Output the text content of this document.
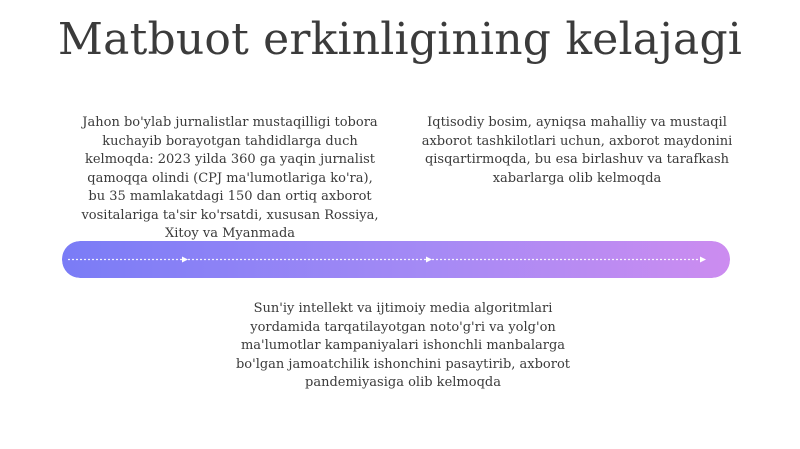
Matbuot erkinligining kelajagi

Jahon bo'ylab jurnalistlar mustaqilligi tobora kuchayib borayotgan tahdidlarga duch kelmoqda: 2023 yilda 360 ga yaqin jurnalist qamoqqa olindi (CPJ ma'lumotlariga ko'ra), bu 35 mamlakatdagi 150 dan ortiq axborot vositalariga ta'sir ko'rsatdi, xususan Rossiya, Xitoy va Myanmada

Iqtisodiy bosim, ayniqsa mahalliy va mustaqil axborot tashkilotlari uchun, axborot maydonini qisqartirmoqda, bu esa birlashuv va tarafkash xabarlarga olib kelmoqda

Sun'iy intellekt va ijtimoiy media algoritmlari yordamida tarqatilayotgan noto'g'ri va yolg'on ma'lumotlar kampaniyalari ishonchli manbalarga bo'lgan jamoatchilik ishonchini pasaytirib, axborot pandemiyasiga olib kelmoqda
